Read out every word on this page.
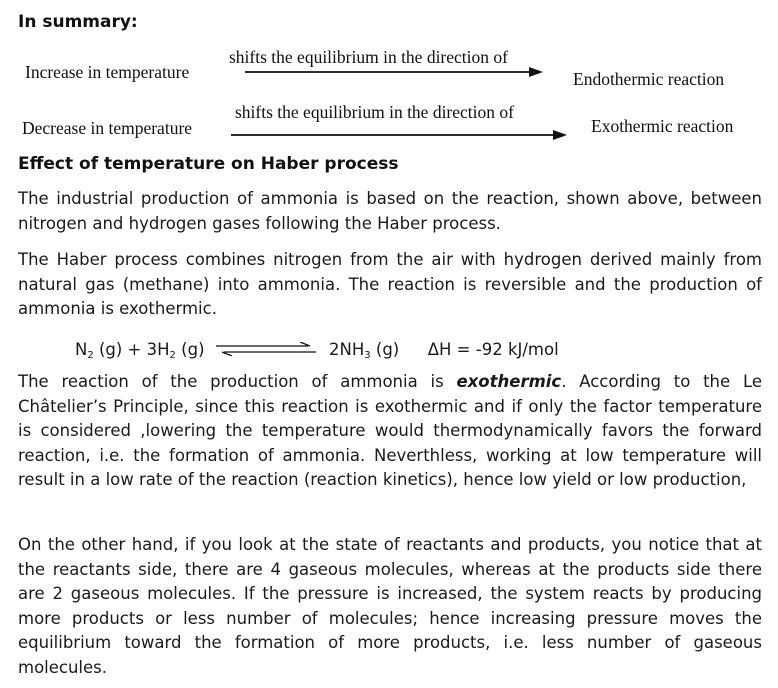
In summary:
Increase in temperature
shifts the equilibrium in the direction of
Endothermic reaction
Decrease in temperature
shifts the equilibrium in the direction of
Exothermic reaction
Effect of temperature on Haber process

The industrial production of ammonia is based on the reaction, shown above, between nitrogen and hydrogen gases following the Haber process.

The Haber process combines nitrogen from the air with hydrogen derived mainly from natural gas (methane) into ammonia. The reaction is reversible and the production of ammonia is exothermic.

$N_2$ $(g) + 3H_2$ (g)	$2NH_3$ (g) ΔH = -92 kJ/mol

The reaction of the production of ammonia is exothermic. According to the Le Châtelier’s Principle, since this reaction is exothermic and if only the factor temperature is considered ,lowering the temperature would thermodynamically favors the forward reaction, i.e. the formation of ammonia. Neverthless, working at low temperature will result in a low rate of the reaction (reaction kinetics), hence low yield or low production,

On the other hand, if you look at the state of reactants and products, you notice that at the reactants side, there are 4 gaseous molecules, whereas at the products side there are 2 gaseous molecules. If the pressure is increased, the system reacts by producing more products or less number of molecules; hence increasing pressure moves the equilibrium toward the formation of more products, i.e. less number of gaseous molecules.
